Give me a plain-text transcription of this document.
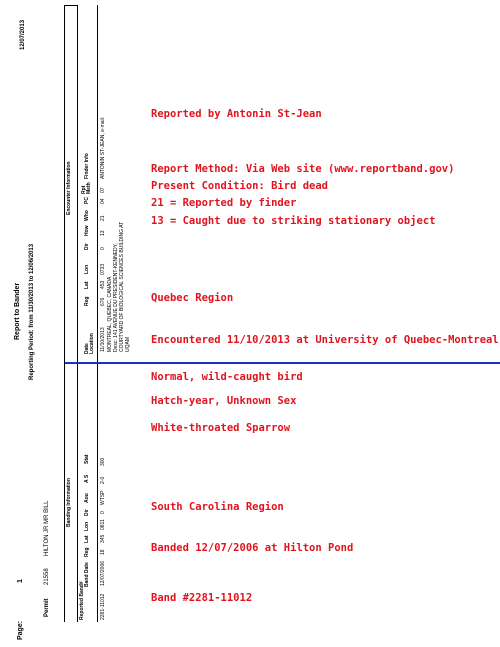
12/07/2013
Page:
1
Report to Bander Reporting Period: from 11/30/2013 to 12/06/2013
Permit
21558
HILTON JR MR BILL	Banding Information
Encounter Information
Reported Band#
Band Date
Reg
Lat
Lon
Dir
Aou
A S
Stat
Date Location
Reg
Lat
Lon
Dir
How
Who
PC
Rpt Meth
Finder Info
2281-11012
12/07/2006
18
345
0811
0
WTSP
2-0
300
11/10/2013
676
453
0733
0
13
21
04
07
ANTONIN ST-JEAN, e-mail:
MONTREAL, QUEBEC, CANADA Desc: 141 AVENUE DU PRESIDENT-KENNEDY, COURTYARD OF BIOLOGICAL SCIENCES BUILDING AT UQAM
Reported by Antonin St-Jean
Report Method: Via Web site (www.reportband.gov)
Present Condition: Bird dead
21 = Reported by finder
13 = Caught due to striking stationary object
Quebec Region
Encountered 11/10/2013 at University of Quebec-Montreal
Normal, wild-caught bird
Hatch-year, Unknown Sex
White-throated Sparrow
South Carolina Region
Banded 12/07/2006 at Hilton Pond
Band #2281-11012
